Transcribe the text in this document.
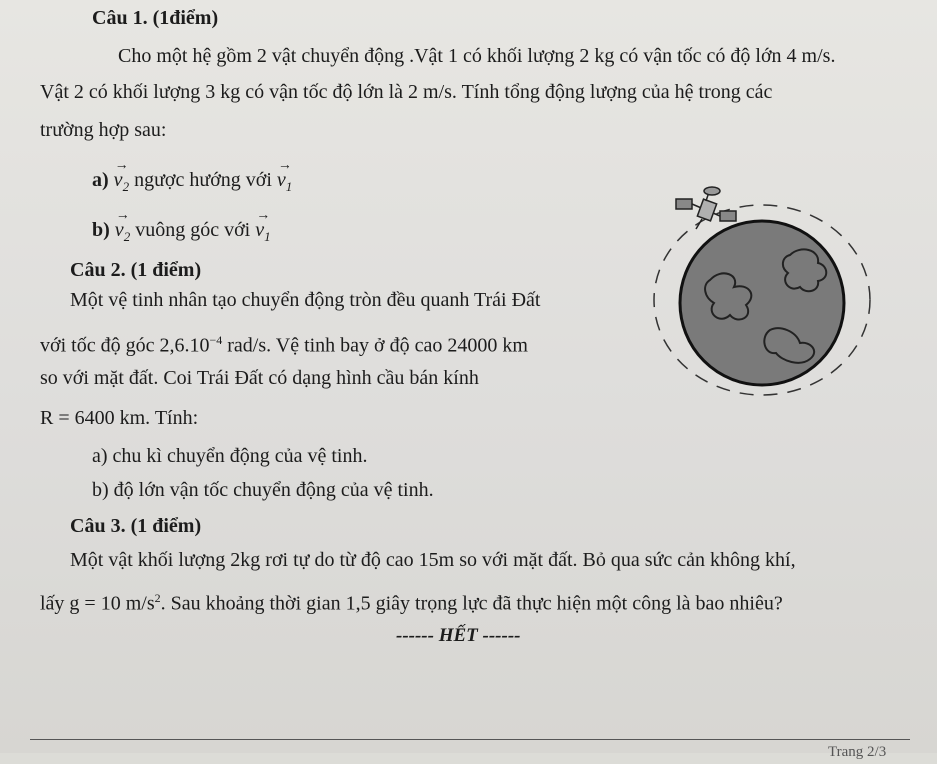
Câu 1. (1điểm)
Cho một hệ gồm 2 vật chuyển động .Vật 1 có khối lượng 2 kg có vận tốc có độ lớn 4 m/s.
Vật 2 có khối lượng 3 kg có vận tốc độ lớn là 2 m/s. Tính tổng động lượng của hệ trong các
trường hợp sau:
$a) \to v_2$ ngược hướng với → $v_1$
$b) \to v_2$ vuông góc với → $v_1$
Câu 2. (1 điểm)
Một vệ tinh nhân tạo chuyển động tròn đều quanh Trái Đất
với tốc độ góc $2,6.10^{-4}$ rad/s. Vệ tinh bay ở độ cao 24000 km
so với mặt đất. Coi Trái Đất có dạng hình cầu bán kính
R = 6400 km. Tính:
a) chu kì chuyển động của vệ tinh.
b) độ lớn vận tốc chuyển động của vệ tinh.
Câu 3. (1 điểm)
Một vật khối lượng 2kg rơi tự do từ độ cao 15m so với mặt đất. Bỏ qua sức cản không khí,
lấy g = 10 $m/s^2$. Sau khoảng thời gian 1,5 giây trọng lực đã thực hiện một công là bao nhiêu?
------ HẾT ------
Trang 2/3
